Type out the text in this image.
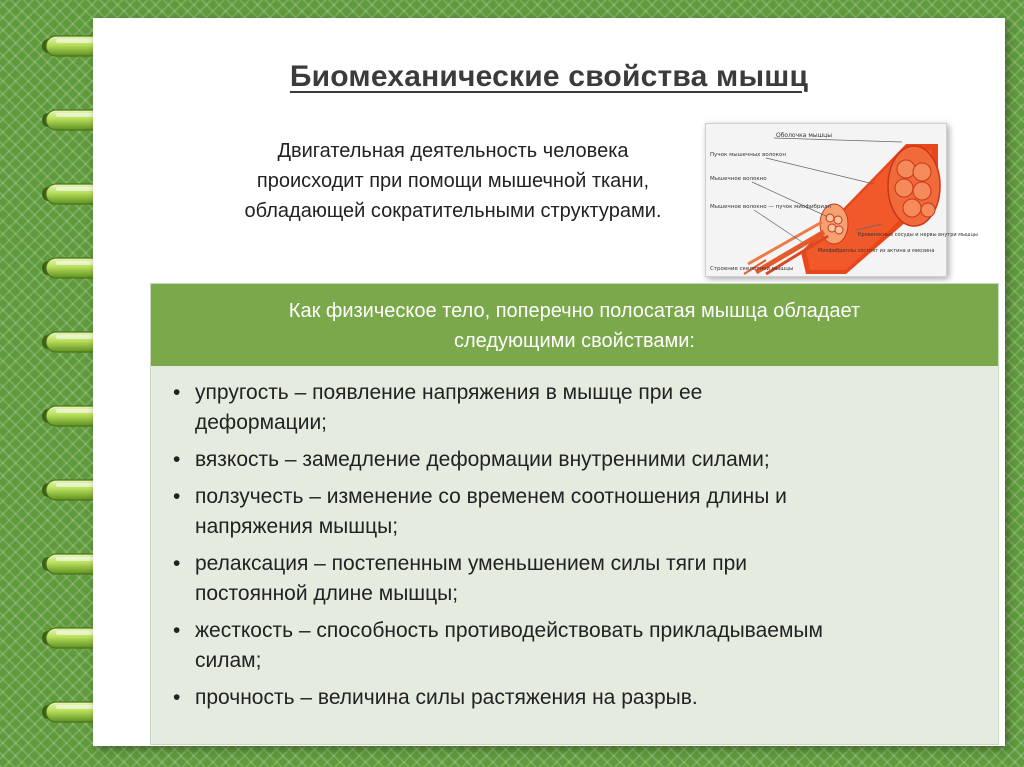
Биомеханические свойства мышц
Двигательная деятельность человека
происходит при помощи мышечной ткани,
обладающей сократительными структурами.
Оболочка мышцы
Пучок мышечных волокон
Мышечное волокно
Мышечное волокно — пучок миофибрилл
Кровеносные сосуды и нервы внутри мышцы
Миофибриллы состоят из актина и миозина
Строение скелетной мышцы
Как физическое тело, поперечно полосатая мышца обладает
следующими свойствами:
• упругость – появление напряжения в мышце при ее
деформации;
• вязкость – замедление деформации внутренними силами;
• ползучесть – изменение со временем соотношения длины и
напряжения мышцы;
• релаксация – постепенным уменьшением силы тяги при
постоянной длине мышцы;
• жесткость – способность противодействовать прикладываемым
силам;
• прочность – величина силы растяжения на разрыв.
